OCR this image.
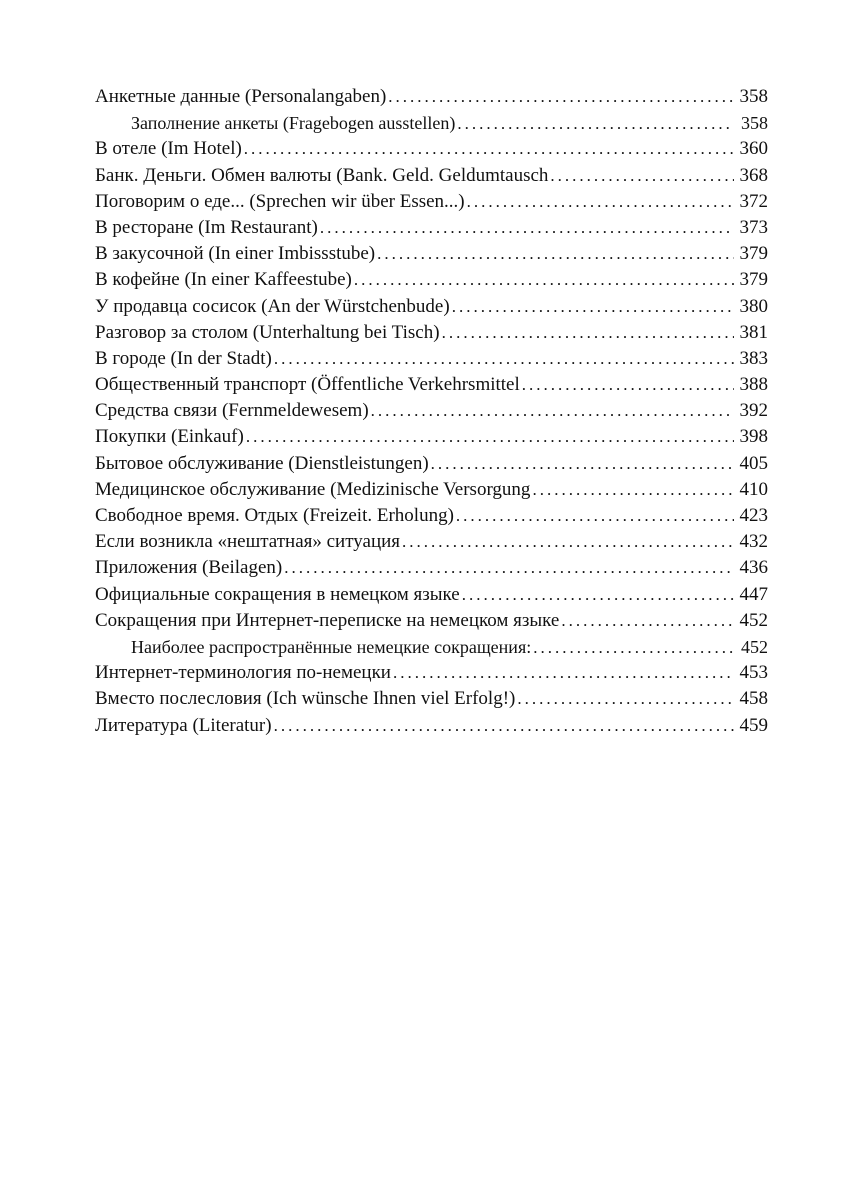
Анкетные данные (Personalangaben) .....	358
Заполнение анкеты (Fragebogen ausstellen) .....	358
В отеле (Im Hotel) .....	360
Банк. Деньги. Обмен валюты (Bank. Geld. Geldumtausch .....	368
Поговорим о еде... (Sprechen wir über Essen...) .....	372
В ресторане (Im Restaurant) .....	373
В закусочной (In einer Imbissstube) .....	379
В кофейне (In einer Kaffeestube) .....	379
У продавца сосисок (An der Würstchenbude) .....	380
Разговор за столом (Unterhaltung bei Tisch) .....	381
В городе (In der Stadt) .....	383
Общественный транспорт (Öffentliche Verkehrsmittel .....	388
Средства связи (Fernmeldewesem) .....	392
Покупки (Einkauf) .....	398
Бытовое обслуживание (Dienstleistungen) .....	405
Медицинское обслуживание (Medizinische Versorgung .....	410
Свободное время. Отдых (Freizeit. Erholung) .....	423
Если возникла «нештатная» ситуация .....	432
Приложения (Beilagen) .....	436
Официальные сокращения в немецком языке .....	447
Сокращения при Интернет-переписке на немецком языке .....	452
Наиболее распространённые немецкие сокращения: .....	452
Интернет-терминология по-немецки .....	453
Вместо послесловия (Ich wünsche Ihnen viel Erfolg!) .....	458
Литература (Literatur) .....	459
